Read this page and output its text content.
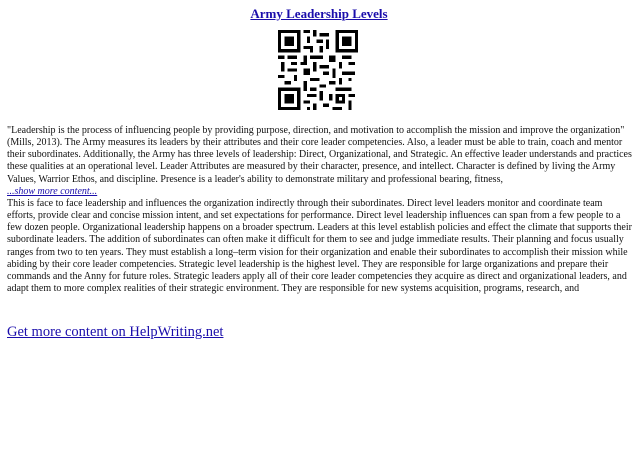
Army Leadership Levels

"Leadership is the process of influencing people by providing purpose, direction, and motivation to accomplish the mission and improve the organization" (Mills, 2013). The Army measures its leaders by their attributes and their core leader competencies. Also, a leader must be able to train, coach and mentor their subordinates. Additionally, the Army has three levels of leadership: Direct, Organizational, and Strategic. An effective leader understands and practices these qualities at an operational level. Leader Attributes are measured by their character, presence, and intellect. Character is defined by living the Army Values, Warrior Ethos, and discipline. Presence is a leader's ability to demonstrate military and professional bearing, fitness,

...show more content...

This is face to face leadership and influences the organization indirectly through their subordinates. Direct level leaders monitor and coordinate team efforts, provide clear and concise mission intent, and set expectations for performance. Direct level leadership influences can span from a few people to a few dozen people. Organizational leadership happens on a broader spectrum. Leaders at this level establish policies and effect the climate that supports their subordinate leaders. The addition of subordinates can often make it difficult for them to see and judge immediate results. Their planning and focus usually ranges from two to ten years. They must establish a long–term vision for their organization and enable their subordinates to accomplish their mission while abiding by their core leader competencies. Strategic level leadership is the highest level. They are responsible for large organizations and prepare their commands and the Anny for future roles. Strategic leaders apply all of their core leader competencies they acquire as direct and organizational leaders, and adapt them to more complex realities of their strategic environment. They are responsible for new systems acquisition, programs, research, and

Get more content on HelpWriting.net
